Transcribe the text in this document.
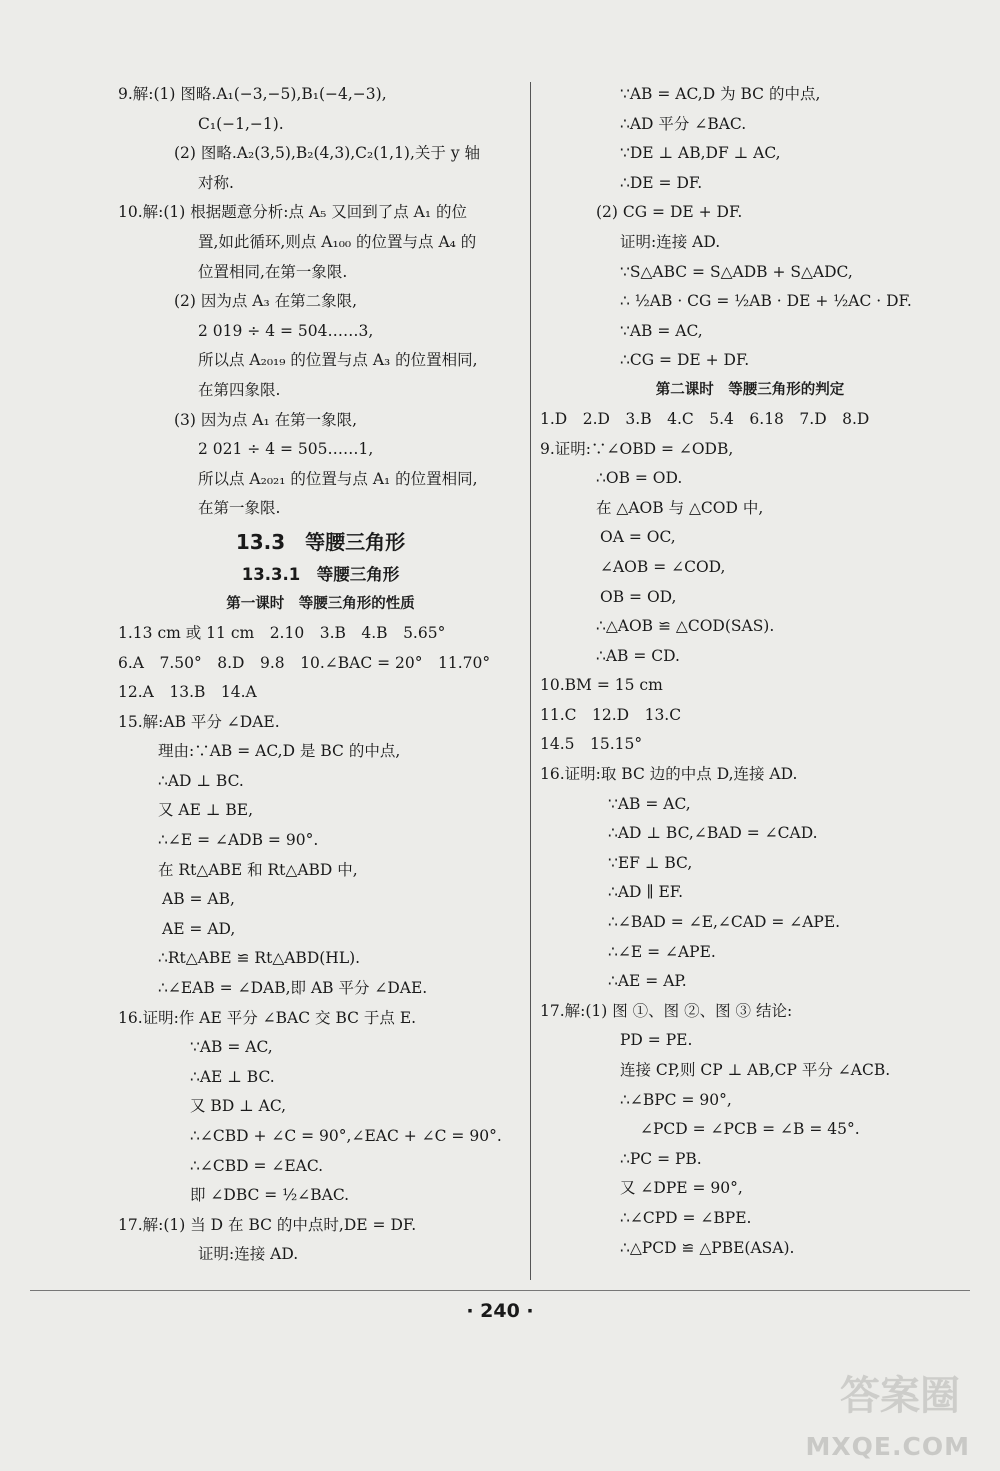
9.解:(1) 图略.A₁(−3,−5),B₁(−4,−3),
C₁(−1,−1).
(2) 图略.A₂(3,5),B₂(4,3),C₂(1,1),关于 y 轴
对称.
10.解:(1) 根据题意分析:点 A₅ 又回到了点 A₁ 的位
置,如此循环,则点 A₁₀₀ 的位置与点 A₄ 的
位置相同,在第一象限.
(2) 因为点 A₃ 在第二象限,
2 019 ÷ 4 = 504……3,
所以点 A₂₀₁₉ 的位置与点 A₃ 的位置相同,
在第四象限.
(3) 因为点 A₁ 在第一象限,
2 021 ÷ 4 = 505……1,
所以点 A₂₀₂₁ 的位置与点 A₁ 的位置相同,
在第一象限.
13.3　等腰三角形
13.3.1　等腰三角形
第一课时　等腰三角形的性质
1.13 cm 或 11 cm　2.10　3.B　4.B　5.65°
6.A　7.50°　8.D　9.8　10.∠BAC = 20°　11.70°
12.A　13.B　14.A
15.解:AB 平分 ∠DAE.
理由:∵AB = AC,D 是 BC 的中点,
∴AD ⊥ BC.
又 AE ⊥ BE,
∴∠E = ∠ADB = 90°.
在 Rt△ABE 和 Rt△ABD 中,
AB = AB,
AE = AD,
∴Rt△ABE ≌ Rt△ABD(HL).
∴∠EAB = ∠DAB,即 AB 平分 ∠DAE.
16.证明:作 AE 平分 ∠BAC 交 BC 于点 E.
∵AB = AC,
∴AE ⊥ BC.
又 BD ⊥ AC,
∴∠CBD + ∠C = 90°,∠EAC + ∠C = 90°.
∴∠CBD = ∠EAC.
即 ∠DBC = ½∠BAC.
17.解:(1) 当 D 在 BC 的中点时,DE = DF.
证明:连接 AD.
∵AB = AC,D 为 BC 的中点,
∴AD 平分 ∠BAC.
∵DE ⊥ AB,DF ⊥ AC,
∴DE = DF.
(2) CG = DE + DF.
证明:连接 AD.
∵S△ABC = S△ADB + S△ADC,
∴ ½AB · CG = ½AB · DE + ½AC · DF.
∵AB = AC,
∴CG = DE + DF.
第二课时　等腰三角形的判定
1.D　2.D　3.B　4.C　5.4　6.18　7.D　8.D
9.证明:∵∠OBD = ∠ODB,
∴OB = OD.
在 △AOB 与 △COD 中,
OA = OC,
∠AOB = ∠COD,
OB = OD,
∴△AOB ≌ △COD(SAS).
∴AB = CD.
10.BM = 15 cm
11.C　12.D　13.C
14.5　15.15°
16.证明:取 BC 边的中点 D,连接 AD.
∵AB = AC,
∴AD ⊥ BC,∠BAD = ∠CAD.
∵EF ⊥ BC,
∴AD ∥ EF.
∴∠BAD = ∠E,∠CAD = ∠APE.
∴∠E = ∠APE.
∴AE = AP.
17.解:(1) 图 ①、图 ②、图 ③ 结论:
PD = PE.
连接 CP,则 CP ⊥ AB,CP 平分 ∠ACB.
∴∠BPC = 90°,
∠PCD = ∠PCB = ∠B = 45°.
∴PC = PB.
又 ∠DPE = 90°,
∴∠CPD = ∠BPE.
∴△PCD ≌ △PBE(ASA).
· 240 ·
答案圈
MXQE.COM
